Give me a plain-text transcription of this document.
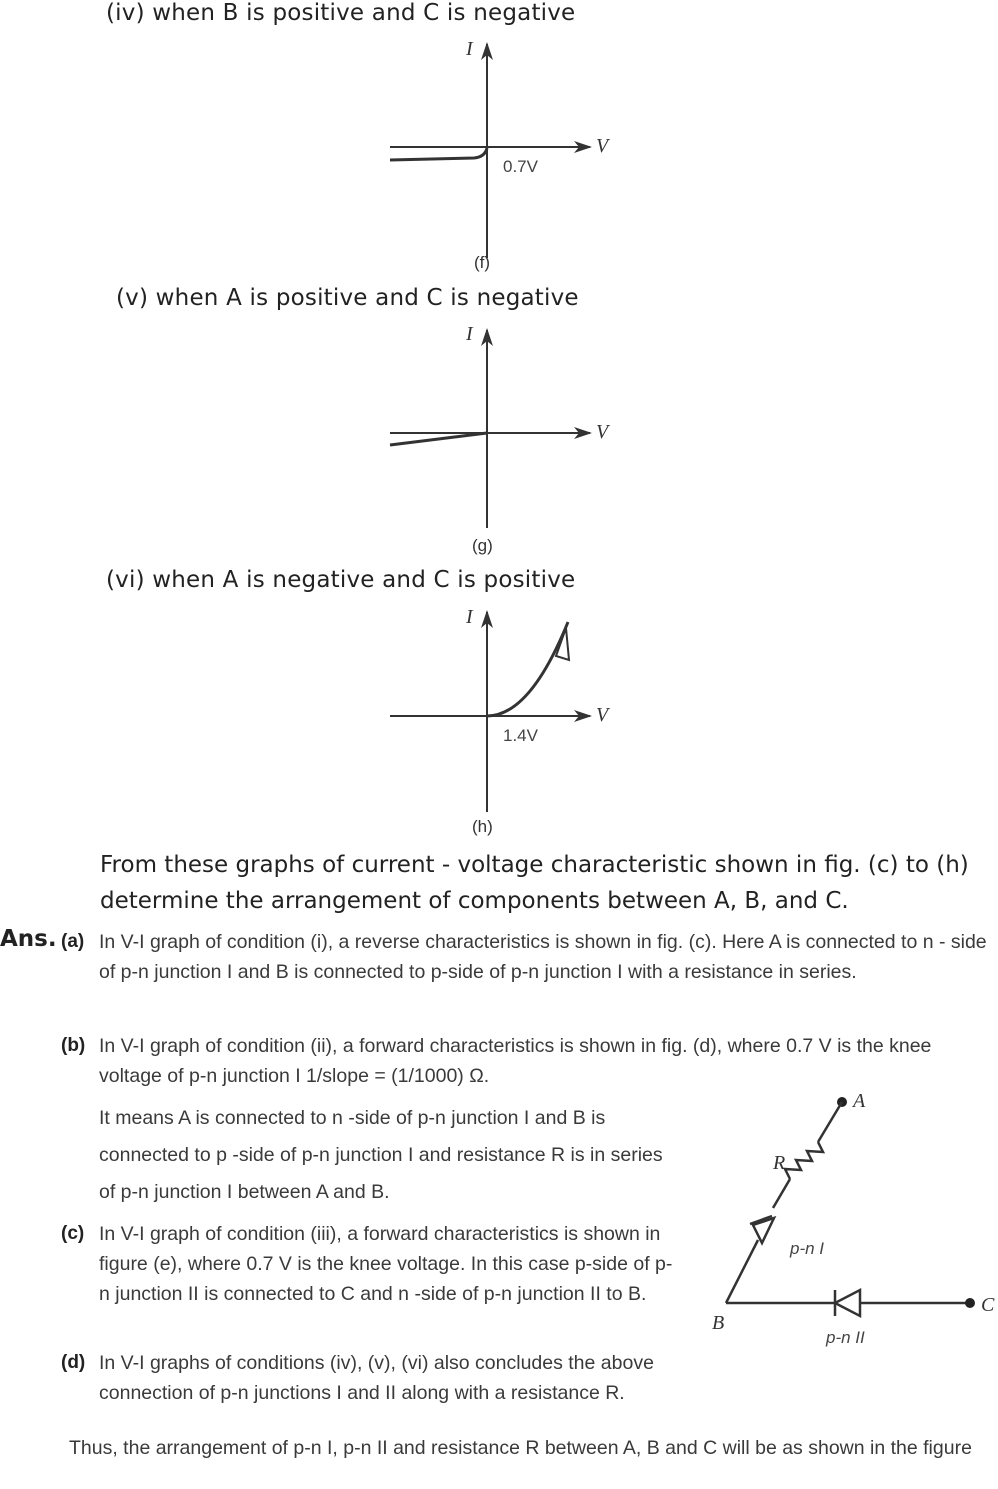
(iv) when B is positive and C is negative
(v) when A is positive and C is negative
(vi) when A is negative and C is positive
I
V
0.7V
(f)
I
V
(g)
I
V
1.4V
(h)
From these graphs of current - voltage characteristic shown in fig. (c) to (h) determine the arrangement of components between A, B, and C.
Ans. (a) In V-I graph of condition (i), a reverse characteristics is shown in fig. (c). Here A is connected to n - side of p-n junction I and B is connected to p-side of p-n junction I with a resistance in series.
(b) In V-I graph of condition (ii), a forward characteristics is shown in fig. (d), where 0.7 V is the knee voltage of p-n junction I 1/slope = (1/1000) Ω.
It means A is connected to n -side of p-n junction I and B is connected to p -side of p-n junction I and resistance R is in series of p-n junction I between A and B.
(c) In V-I graph of condition (iii), a forward characteristics is shown in figure (e), where 0.7 V is the knee voltage. In this case p-side of p-n junction II is connected to C and n -side of p-n junction II to B.
(d) In V-I graphs of conditions (iv), (v), (vi) also concludes the above connection of p-n junctions I and II along with a resistance R.
Thus, the arrangement of p-n I, p-n II and resistance R between A, B and C will be as shown in the figure
A
R
p-n I
B
C
p-n II
